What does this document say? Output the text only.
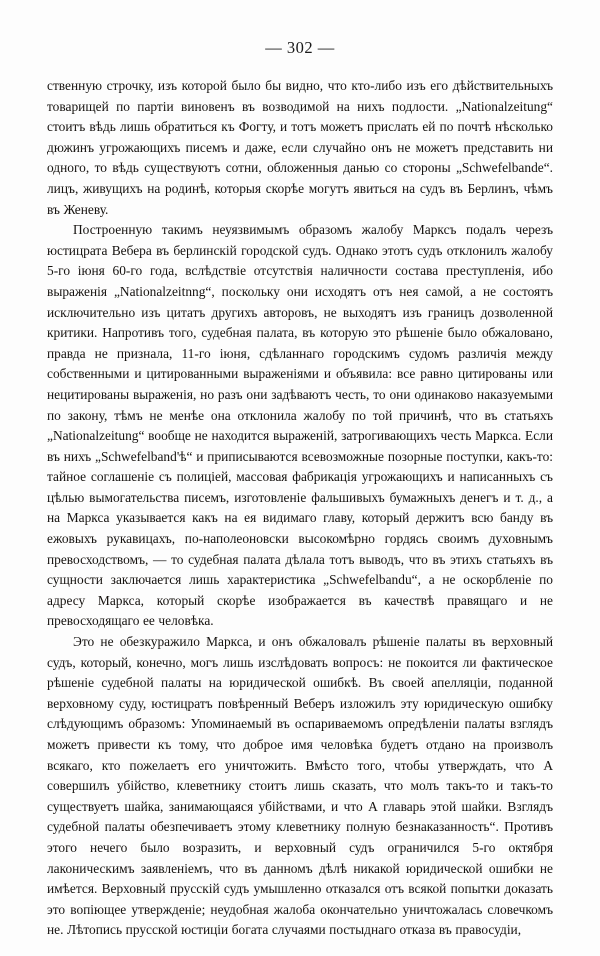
— 302 —

ственную строчку, изъ которой было бы видно, что кто-либо изъ его дѣйствительныхъ товарищей по партіи виновенъ въ возводимой на нихъ подлости. „Nationalzeitung“ стоитъ вѣдь лишь обратиться къ Фогту, и тотъ можетъ прислать ей по почтѣ нѣсколько дюжинъ угрожающихъ писемъ и даже, если случайно онъ не можетъ представить ни одного, то вѣдь существуютъ сотни, обложенныя данью со стороны „Schwefelbande“. лицъ, живущихъ на родинѣ, которыя скорѣе могутъ явиться на судъ въ Берлинъ, чѣмъ въ Женеву.

Построенную такимъ неуязвимымъ образомъ жалобу Марксъ подалъ черезъ юстицрата Вебера въ берлинскій городской судъ. Однако этотъ судъ отклонилъ жалобу 5-го іюня 60-го года, вслѣдствіе отсутствія наличности состава преступленія, ибо выраженія „Nationalzeitnng“, поскольку они исходятъ отъ нея самой, а не состоятъ исключительно изъ цитатъ другихъ авторовъ, не выходятъ изъ границъ дозволенной критики. Напротивъ того, судебная палата, въ которую это рѣшеніе было обжаловано, правда не признала, 11-го іюня, сдѣланнаго городскимъ судомъ различія между собственными и цитированными выраженіями и объявила: все равно цитированы или нецитированы выраженія, но разъ они задѣваютъ честь, то они одинаково наказуемыми по закону, тѣмъ не менѣе она отклонила жалобу по той причинѣ, что въ статьяхъ „Nationalzeitung“ вообще не находится выраженій, затрогивающихъ честь Маркса. Если въ нихъ „Schwefelband'ѣ“ и приписываются всевозможные позорные поступки, какъ-то: тайное соглашеніе съ полиціей, массовая фабрикація угрожающихъ и написанныхъ съ цѣлью вымогательства писемъ, изготовленіе фальшивыхъ бумажныхъ денегъ и т. д., а на Маркса указывается какъ на ея видимаго главу, который держитъ всю банду въ ежовыхъ рукавицахъ, по-наполеоновски высокомѣрно гордясь своимъ духовнымъ превосходствомъ, — то судебная палата дѣлала тотъ выводъ, что въ этихъ статьяхъ въ сущности заключается лишь характеристика „Schwefelbandu“, а не оскорбленіе по адресу Маркса, который скорѣе изображается въ качествѣ правящаго и не превосходящаго ее человѣка.

Это не обезкуражило Маркса, и онъ обжаловалъ рѣшеніе палаты въ верховный судъ, который, конечно, могъ лишь изслѣдовать вопросъ: не покоится ли фактическое рѣшеніе судебной палаты на юридической ошибкѣ. Въ своей апелляціи, поданной верховному суду, юстицратъ повѣренный Веберъ изложилъ эту юридическую ошибку слѣдующимъ образомъ: Упоминаемый въ оспариваемомъ опредѣленіи палаты взглядъ можетъ привести къ тому, что доброе имя человѣка будетъ отдано на произволъ всякаго, кто пожелаетъ его уничтожить. Вмѣсто того, чтобы утверждать, что А совершилъ убійство, клеветнику стоитъ лишь сказать, что молъ такъ-то и такъ-то существуетъ шайка, занимающаяся убійствами, и что А главарь этой шайки. Взглядъ судебной палаты обезпечиваетъ этому клеветнику полную безнаказанность“. Противъ этого нечего было возразить, и верховный судъ ограничился 5-го октября лаконическимъ заявленіемъ, что въ данномъ дѣлѣ никакой юридической ошибки не имѣется. Верховный прусскій судъ умышленно отказался отъ всякой попытки доказать это вопіющее утвержденіе; неудобная жалоба окончательно уничтожалась словечкомъ не. Лѣтопись прусской юстиціи богата случаями постыднаго отказа въ правосудіи,
